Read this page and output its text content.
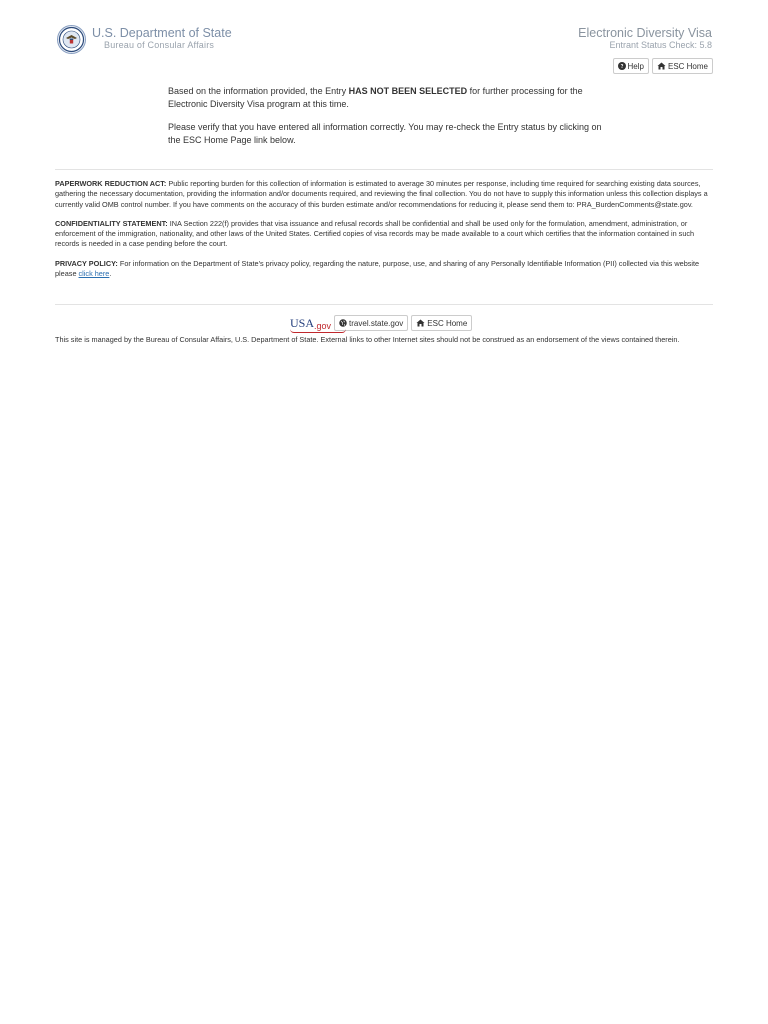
U.S. Department of State
Bureau of Consular Affairs
Electronic Diversity Visa
Entrant Status Check: 5.8
Help	ESC Home

Based on the information provided, the Entry HAS NOT BEEN SELECTED for further processing for the Electronic Diversity Visa program at this time.

Please verify that you have entered all information correctly. You may re-check the Entry status by clicking on the ESC Home Page link below.

PAPERWORK REDUCTION ACT: Public reporting burden for this collection of information is estimated to average 30 minutes per response, including time required for searching existing data sources, gathering the necessary documentation, providing the information and/or documents required, and reviewing the final collection. You do not have to supply this information unless this collection displays a currently valid OMB control number. If you have comments on the accuracy of this burden estimate and/or recommendations for reducing it, please send them to: PRA_BurdenComments@state.gov.

CONFIDENTIALITY STATEMENT: INA Section 222(f) provides that visa issuance and refusal records shall be confidential and shall be used only for the formulation, amendment, administration, or enforcement of the immigration, nationality, and other laws of the United States. Certified copies of visa records may be made available to a court which certifies that the information contained in such records is needed in a case pending before the court.

PRIVACY POLICY: For information on the Department of State's privacy policy, regarding the nature, purpose, use, and sharing of any Personally Identifiable Information (PII) collected via this website please click here.

USA .gov travel.state.gov	ESC Home
This site is managed by the Bureau of Consular Affairs, U.S. Department of State. External links to other Internet sites should not be construed as an endorsement of the views contained therein.
